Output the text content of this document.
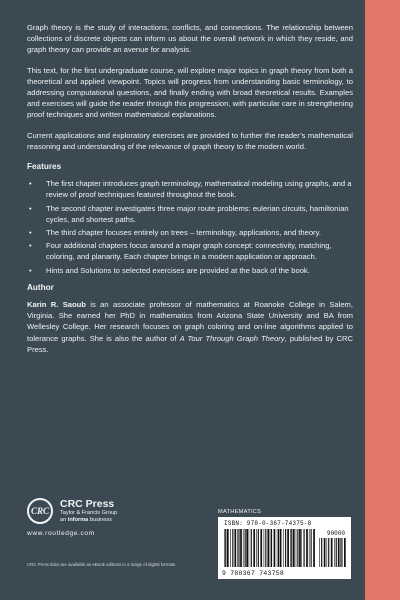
Graph theory is the study of interactions, conflicts, and connections. The relationship between collections of discrete objects can inform us about the overall network in which they reside, and graph theory can provide an avenue for analysis.

This text, for the first undergraduate course, will explore major topics in graph theory from both a theoretical and applied viewpoint. Topics will progress from understanding basic terminology, to addressing computational questions, and finally ending with broad theoretical results. Examples and exercises will guide the reader through this progression, with particular care in strengthening proof techniques and written mathematical explanations.

Current applications and exploratory exercises are provided to further the reader’s mathematical reasoning and understanding of the relevance of graph theory to the modern world.

Features
• The first chapter introduces graph terminology, mathematical modeling using graphs, and a review of proof techniques featured throughout the book.
• The second chapter investigates three major route problems: eulerian circuits, hamiltonian cycles, and shortest paths.
• The third chapter focuses entirely on trees – terminology, applications, and theory.
• Four additional chapters focus around a major graph concept: connectivity, matching, coloring, and planarity. Each chapter brings in a modern application or approach.
• Hints and Solutions to selected exercises are provided at the back of the book.
Author

Karin R. Saoub is an associate professor of mathematics at Roanoke College in Salem, Virginia. She earned her PhD in mathematics from Arizona State University and BA from Wellesley College. Her research focuses on graph coloring and on-line algorithms applied to tolerance graphs. She is also the author of A Tour Through Graph Theory, published by CRC Press.

CRC
CRC Press
Taylor & Francis Group
an informa business
www.routledge.com
CRC Press titles are available as eBook editions in a range of digital formats
MATHEMATICS
ISBN: 978-0-367-74375-8
90000
9 780367 743758
